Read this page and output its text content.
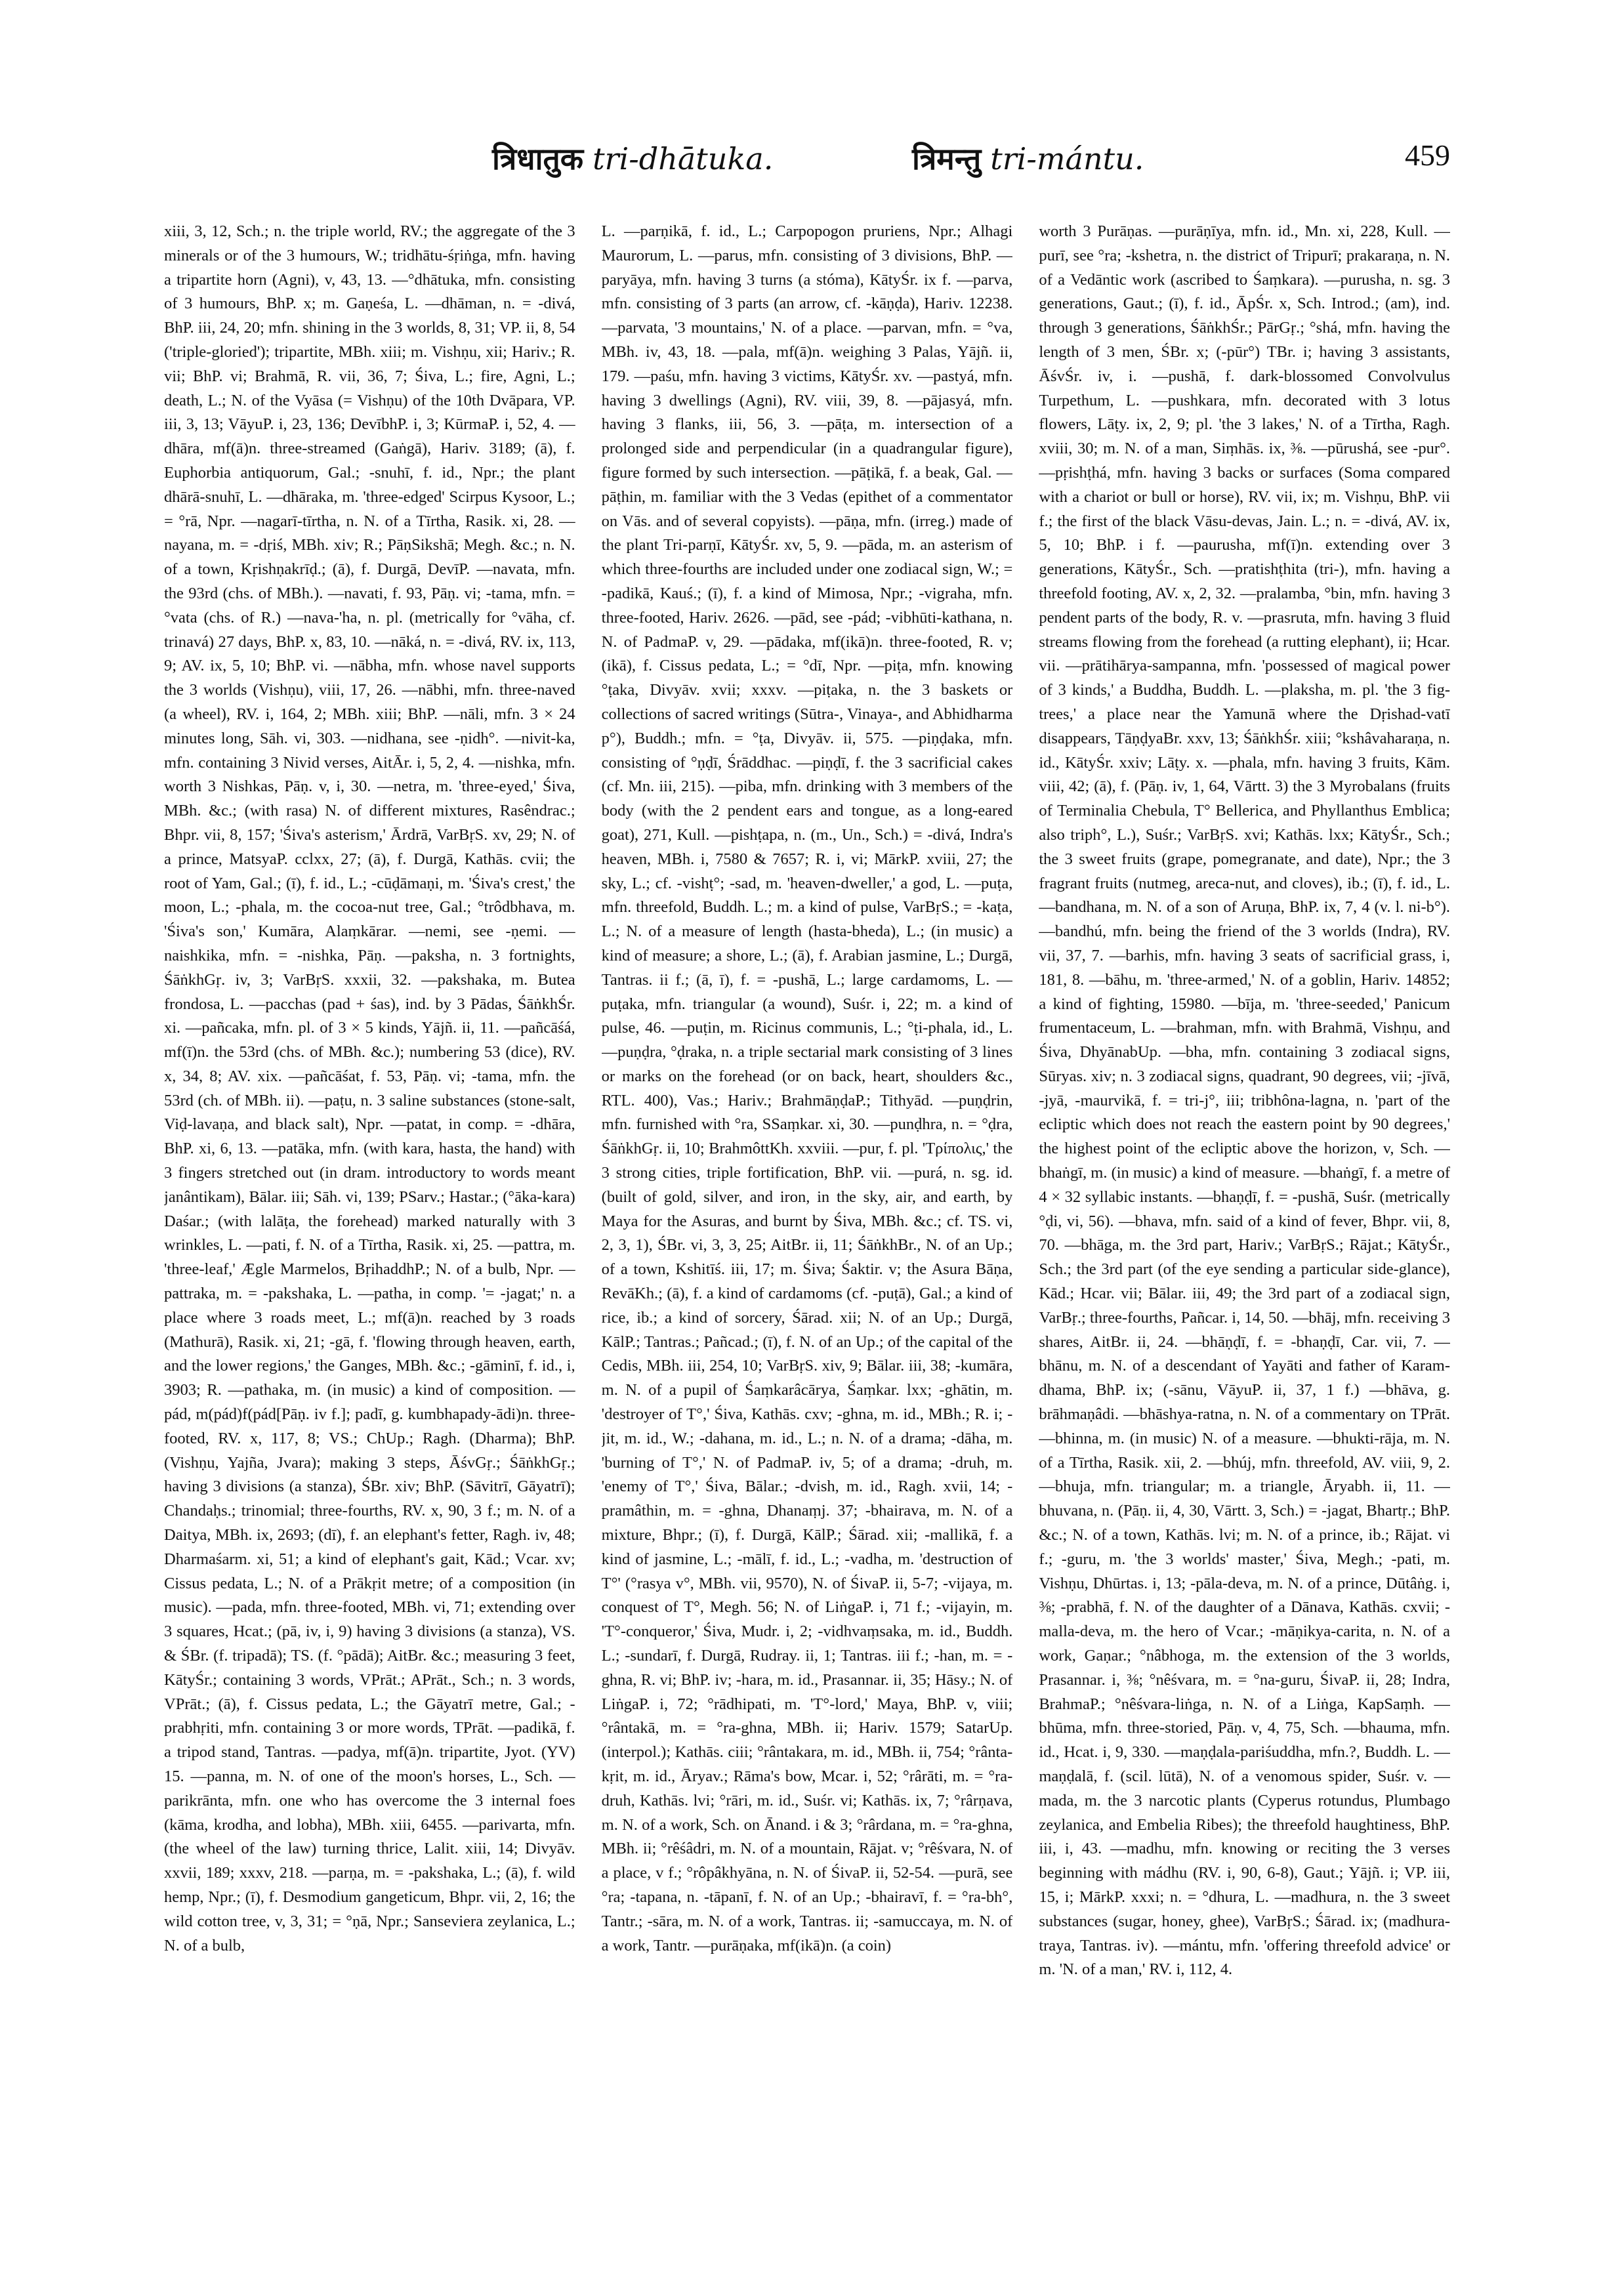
त्रिधातुक tri-dhātuka.	त्रिमन्तु tri-mántu.	459

xiii, 3, 12, Sch.; n. the triple world, RV.; the aggregate of the 3 minerals or of the 3 humours, W.; tridhātu-śṛiṅga, mfn. having a tripartite horn (Agni), v, 43, 13. —°dhātuka, mfn. consisting of 3 humours, BhP. x; m. Gaṇeśa, L. —dhāman, n. = -divá, BhP. iii, 24, 20; mfn. shining in the 3 worlds, 8, 31; VP. ii, 8, 54 ('triple-gloried'); tripartite, MBh. xiii; m. Vishṇu, xii; Hariv.; R. vii; BhP. vi; Brahmā, R. vii, 36, 7; Śiva, L.; fire, Agni, L.; death, L.; N. of the Vyāsa (= Vishṇu) of the 10th Dvāpara, VP. iii, 3, 13; VāyuP. i, 23, 136; DevībhP. i, 3; KūrmaP. i, 52, 4. —dhāra, mf(ā)n. three-streamed (Gaṅgā), Hariv. 3189; (ā), f. Euphorbia antiquorum, Gal.; -snuhī, f. id., Npr.; the plant dhārā-snuhī, L. —dhāraka, m. 'three-edged' Scirpus Kysoor, L.; = °rā, Npr. —nagarī-tīrtha, n. N. of a Tīrtha, Rasik. xi, 28. —nayana, m. = -dṛiś, MBh. xiv; R.; PāṇSikshā; Megh. &c.; n. N. of a town, Kṛishṇakrīḍ.; (ā), f. Durgā, DevīP. —navata, mfn. the 93rd (chs. of MBh.). —navati, f. 93, Pāṇ. vi; -tama, mfn. = °vata (chs. of R.) —nava-'ha, n. pl. (metrically for °vāha, cf. trinavá) 27 days, BhP. x, 83, 10. —nāká, n. = -divá, RV. ix, 113, 9; AV. ix, 5, 10; BhP. vi. —nābha, mfn. whose navel supports the 3 worlds (Vishṇu), viii, 17, 26. —nābhi, mfn. three-naved (a wheel), RV. i, 164, 2; MBh. xiii; BhP. —nāli, mfn. 3 × 24 minutes long, Sāh. vi, 303. —nidhana, see -ṇidh°. —nivit-ka, mfn. containing 3 Nivid verses, AitĀr. i, 5, 2, 4. —nishka, mfn. worth 3 Nishkas, Pāṇ. v, i, 30. —netra, m. 'three-eyed,' Śiva, MBh. &c.; (with rasa) N. of different mixtures, Rasêndrac.; Bhpr. vii, 8, 157; 'Śiva's asterism,' Ārdrā, VarBṛS. xv, 29; N. of a prince, MatsyaP. cclxx, 27; (ā), f. Durgā, Kathās. cvii; the root of Yam, Gal.; (ī), f. id., L.; -cūḍāmaṇi, m. 'Śiva's crest,' the moon, L.; -phala, m. the cocoa-nut tree, Gal.; °trôdbhava, m. 'Śiva's son,' Kumāra, Alaṃkārar. —nemi, see -ṇemi. —naishkika, mfn. = -nishka, Pāṇ. —paksha, n. 3 fortnights, ŚāṅkhGṛ. iv, 3; VarBṛS. xxxii, 32. —pakshaka, m. Butea frondosa, L. —pacchas (pad + śas), ind. by 3 Pādas, ŚāṅkhŚr. xi. —pañcaka, mfn. pl. of 3 × 5 kinds, Yājñ. ii, 11. —pañcāśá, mf(ī)n. the 53rd (chs. of MBh. &c.); numbering 53 (dice), RV. x, 34, 8; AV. xix. —pañcāśat, f. 53, Pāṇ. vi; -tama, mfn. the 53rd (ch. of MBh. ii). —paṭu, n. 3 saline substances (stone-salt, Viḍ-lavaṇa, and black salt), Npr. —patat, in comp. = -dhāra, BhP. xi, 6, 13. —patāka, mfn. (with kara, hasta, the hand) with 3 fingers stretched out (in dram. introductory to words meant janântikam), Bālar. iii; Sāh. vi, 139; PSarv.; Hastar.; (°āka-kara) Daśar.; (with lalāṭa, the forehead) marked naturally with 3 wrinkles, L. —pati, f. N. of a Tīrtha, Rasik. xi, 25. —pattra, m. 'three-leaf,' Ægle Marmelos, BṛihaddhP.; N. of a bulb, Npr. —pattraka, m. = -pakshaka, L. —patha, in comp. '= -jagat;' n. a place where 3 roads meet, L.; mf(ā)n. reached by 3 roads (Mathurā), Rasik. xi, 21; -gā, f. 'flowing through heaven, earth, and the lower regions,' the Ganges, MBh. &c.; -gāminī, f. id., i, 3903; R. —pathaka, m. (in music) a kind of composition. —pád, m(pád)f(pád[Pāṇ. iv f.]; padī, g. kumbhapady-ādi)n. three-footed, RV. x, 117, 8; VS.; ChUp.; Ragh. (Dharma); BhP. (Vishṇu, Yajña, Jvara); making 3 steps, ĀśvGṛ.; ŚāṅkhGṛ.; having 3 divisions (a stanza), ŚBr. xiv; BhP. (Sāvitrī, Gāyatrī); Chandaḥs.; trinomial; three-fourths, RV. x, 90, 3 f.; m. N. of a Daitya, MBh. ix, 2693; (dī), f. an elephant's fetter, Ragh. iv, 48; Dharmaśarm. xi, 51; a kind of elephant's gait, Kād.; Vcar. xv; Cissus pedata, L.; N. of a Prākṛit metre; of a composition (in music). —pada, mfn. three-footed, MBh. vi, 71; extending over 3 squares, Hcat.; (pā, iv, i, 9) having 3 divisions (a stanza), VS. & ŚBr. (f. tripadā); TS. (f. °pādā); AitBr. &c.; measuring 3 feet, KātyŚr.; containing 3 words, VPrāt.; APrāt., Sch.; n. 3 words, VPrāt.; (ā), f. Cissus pedata, L.; the Gāyatrī metre, Gal.; -prabhṛiti, mfn. containing 3 or more words, TPrāt. —padikā, f. a tripod stand, Tantras. —padya, mf(ā)n. tripartite, Jyot. (YV) 15. —panna, m. N. of one of the moon's horses, L., Sch. —parikrānta, mfn. one who has overcome the 3 internal foes (kāma, krodha, and lobha), MBh. xiii, 6455. —parivarta, mfn. (the wheel of the law) turning thrice, Lalit. xiii, 14; Divyāv. xxvii, 189; xxxv, 218. —parṇa, m. = -pakshaka, L.; (ā), f. wild hemp, Npr.; (ī), f. Desmodium gangeticum, Bhpr. vii, 2, 16; the wild cotton tree, v, 3, 31; = °ṇā, Npr.; Sanseviera zeylanica, L.; N. of a bulb,

L. —parṇikā, f. id., L.; Carpopogon pruriens, Npr.; Alhagi Maurorum, L. —parus, mfn. consisting of 3 divisions, BhP. —paryāya, mfn. having 3 turns (a stóma), KātyŚr. ix f. —parva, mfn. consisting of 3 parts (an arrow, cf. -kāṇḍa), Hariv. 12238. —parvata, '3 mountains,' N. of a place. —parvan, mfn. = °va, MBh. iv, 43, 18. —pala, mf(ā)n. weighing 3 Palas, Yājñ. ii, 179. —paśu, mfn. having 3 victims, KātyŚr. xv. —pastyá, mfn. having 3 dwellings (Agni), RV. viii, 39, 8. —pājasyá, mfn. having 3 flanks, iii, 56, 3. —pāṭa, m. intersection of a prolonged side and perpendicular (in a quadrangular figure), figure formed by such intersection. —pāṭikā, f. a beak, Gal. —pāṭhin, m. familiar with the 3 Vedas (epithet of a commentator on Vās. and of several copyists). —pāṇa, mfn. (irreg.) made of the plant Tri-parṇī, KātyŚr. xv, 5, 9. —pāda, m. an asterism of which three-fourths are included under one zodiacal sign, W.; = -padikā, Kauś.; (ī), f. a kind of Mimosa, Npr.; -vigraha, mfn. three-footed, Hariv. 2626. —pād, see -pád; -vibhūti-kathana, n. N. of PadmaP. v, 29. —pādaka, mf(ikā)n. three-footed, R. v; (ikā), f. Cissus pedata, L.; = °dī, Npr. —piṭa, mfn. knowing °ṭaka, Divyāv. xvii; xxxv. —piṭaka, n. the 3 baskets or collections of sacred writings (Sūtra-, Vinaya-, and Abhidharma p°), Buddh.; mfn. = °ṭa, Divyāv. ii, 575. —piṇḍaka, mfn. consisting of °ṇḍī, Śrāddhac. —piṇḍī, f. the 3 sacrificial cakes (cf. Mn. iii, 215). —piba, mfn. drinking with 3 members of the body (with the 2 pendent ears and tongue, as a long-eared goat), 271, Kull. —pishṭapa, n. (m., Un., Sch.) = -divá, Indra's heaven, MBh. i, 7580 & 7657; R. i, vi; MārkP. xviii, 27; the sky, L.; cf. -vishṭ°; -sad, m. 'heaven-dweller,' a god, L. —puṭa, mfn. threefold, Buddh. L.; m. a kind of pulse, VarBṛS.; = -kaṭa, L.; N. of a measure of length (hasta-bheda), L.; (in music) a kind of measure; a shore, L.; (ā), f. Arabian jasmine, L.; Durgā, Tantras. ii f.; (ā, ī), f. = -pushā, L.; large cardamoms, L. —puṭaka, mfn. triangular (a wound), Suśr. i, 22; m. a kind of pulse, 46. —puṭin, m. Ricinus communis, L.; °ṭi-phala, id., L. —puṇḍra, °ḍraka, n. a triple sectarial mark consisting of 3 lines or marks on the forehead (or on back, heart, shoulders &c., RTL. 400), Vas.; Hariv.; BrahmāṇḍaP.; Tithyād. —puṇḍrin, mfn. furnished with °ra, SSaṃkar. xi, 30. —punḍhra, n. = °ḍra, ŚāṅkhGṛ. ii, 10; BrahmôttKh. xxviii. —pur, f. pl. 'Τρίπολις,' the 3 strong cities, triple fortification, BhP. vii. —purá, n. sg. id. (built of gold, silver, and iron, in the sky, air, and earth, by Maya for the Asuras, and burnt by Śiva, MBh. &c.; cf. TS. vi, 2, 3, 1), ŚBr. vi, 3, 3, 25; AitBr. ii, 11; ŚāṅkhBr., N. of an Up.; of a town, Kshitīś. iii, 17; m. Śiva; Śaktir. v; the Asura Bāṇa, RevāKh.; (ā), f. a kind of cardamoms (cf. -puṭā), Gal.; a kind of rice, ib.; a kind of sorcery, Śārad. xii; N. of an Up.; Durgā, KālP.; Tantras.; Pañcad.; (ī), f. N. of an Up.; of the capital of the Cedis, MBh. iii, 254, 10; VarBṛS. xiv, 9; Bālar. iii, 38; -kumāra, m. N. of a pupil of Śaṃkarâcārya, Śaṃkar. lxx; -ghātin, m. 'destroyer of T°,' Śiva, Kathās. cxv; -ghna, m. id., MBh.; R. i; -jit, m. id., W.; -dahana, m. id., L.; n. N. of a drama; -dāha, m. 'burning of T°,' N. of PadmaP. iv, 5; of a drama; -druh, m. 'enemy of T°,' Śiva, Bālar.; -dvish, m. id., Ragh. xvii, 14; -pramâthin, m. = -ghna, Dhanaṃj. 37; -bhairava, m. N. of a mixture, Bhpr.; (ī), f. Durgā, KālP.; Śārad. xii; -mallikā, f. a kind of jasmine, L.; -mālī, f. id., L.; -vadha, m. 'destruction of T°' (°rasya v°, MBh. vii, 9570), N. of ŚivaP. ii, 5-7; -vijaya, m. conquest of T°, Megh. 56; N. of LiṅgaP. i, 71 f.; -vijayin, m. 'T°-conqueror,' Śiva, Mudr. i, 2; -vidhvaṃsaka, m. id., Buddh. L.; -sundarī, f. Durgā, Rudray. ii, 1; Tantras. iii f.; -han, m. = -ghna, R. vi; BhP. iv; -hara, m. id., Prasannar. ii, 35; Hāsy.; N. of LiṅgaP. i, 72; °rādhipati, m. 'T°-lord,' Maya, BhP. v, viii; °rântakā, m. = °ra-ghna, MBh. ii; Hariv. 1579; SatarUp. (interpol.); Kathās. ciii; °rântakara, m. id., MBh. ii, 754; °rânta-kṛit, m. id., Āryav.; Rāma's bow, Mcar. i, 52; °rârāti, m. = °ra-druh, Kathās. lvi; °rāri, m. id., Suśr. vi; Kathās. ix, 7; °rârṇava, m. N. of a work, Sch. on Ānand. i & 3; °rârdana, m. = °ra-ghna, MBh. ii; °rêśâdri, m. N. of a mountain, Rājat. v; °rêśvara, N. of a place, v f.; °rôpâkhyāna, n. N. of ŚivaP. ii, 52-54. —purā, see °ra; -tapana, n. -tāpanī, f. N. of an Up.; -bhairavī, f. = °ra-bh°, Tantr.; -sāra, m. N. of a work, Tantras. ii; -samuccaya, m. N. of a work, Tantr. —purāṇaka, mf(ikā)n. (a coin)

worth 3 Purāṇas. —purāṇīya, mfn. id., Mn. xi, 228, Kull. —purī, see °ra; -kshetra, n. the district of Tripurī; prakaraṇa, n. N. of a Vedāntic work (ascribed to Śaṃkara). —purusha, n. sg. 3 generations, Gaut.; (ī), f. id., ĀpŚr. x, Sch. Introd.; (am), ind. through 3 generations, ŚāṅkhŚr.; PārGṛ.; °shá, mfn. having the length of 3 men, ŚBr. x; (-pūr°) TBr. i; having 3 assistants, ĀśvŚr. iv, i. —pushā, f. dark-blossomed Convolvulus Turpethum, L. —pushkara, mfn. decorated with 3 lotus flowers, Lāṭy. ix, 2, 9; pl. 'the 3 lakes,' N. of a Tīrtha, Ragh. xviii, 30; m. N. of a man, Siṃhās. ix, ⅜. —pūrushá, see -pur°. —pṛishṭhá, mfn. having 3 backs or surfaces (Soma compared with a chariot or bull or horse), RV. vii, ix; m. Vishṇu, BhP. vii f.; the first of the black Vāsu-devas, Jain. L.; n. = -divá, AV. ix, 5, 10; BhP. i f. —paurusha, mf(ī)n. extending over 3 generations, KātyŚr., Sch. —pratishṭhita (tri-), mfn. having a threefold footing, AV. x, 2, 32. —pralamba, °bin, mfn. having 3 pendent parts of the body, R. v. —prasruta, mfn. having 3 fluid streams flowing from the forehead (a rutting elephant), ii; Hcar. vii. —prātihārya-sampanna, mfn. 'possessed of magical power of 3 kinds,' a Buddha, Buddh. L. —plaksha, m. pl. 'the 3 fig-trees,' a place near the Yamunā where the Dṛishad-vatī disappears, TāṇḍyaBr. xxv, 13; ŚāṅkhŚr. xiii; °kshâvaharaṇa, n. id., KātyŚr. xxiv; Lāṭy. x. —phala, mfn. having 3 fruits, Kām. viii, 42; (ā), f. (Pāṇ. iv, 1, 64, Vārtt. 3) the 3 Myrobalans (fruits of Terminalia Chebula, T° Bellerica, and Phyllanthus Emblica; also triph°, L.), Suśr.; VarBṛS. xvi; Kathās. lxx; KātyŚr., Sch.; the 3 sweet fruits (grape, pomegranate, and date), Npr.; the 3 fragrant fruits (nutmeg, areca-nut, and cloves), ib.; (ī), f. id., L. —bandhana, m. N. of a son of Aruṇa, BhP. ix, 7, 4 (v. l. ni-b°). —bandhú, mfn. being the friend of the 3 worlds (Indra), RV. vii, 37, 7. —barhis, mfn. having 3 seats of sacrificial grass, i, 181, 8. —bāhu, m. 'three-armed,' N. of a goblin, Hariv. 14852; a kind of fighting, 15980. —bīja, m. 'three-seeded,' Panicum frumentaceum, L. —brahman, mfn. with Brahmā, Vishṇu, and Śiva, DhyānabUp. —bha, mfn. containing 3 zodiacal signs, Sūryas. xiv; n. 3 zodiacal signs, quadrant, 90 degrees, vii; -jīvā, -jyā, -maurvikā, f. = tri-j°, iii; tribhôna-lagna, n. 'part of the ecliptic which does not reach the eastern point by 90 degrees,' the highest point of the ecliptic above the horizon, v, Sch. —bhaṅgī, m. (in music) a kind of measure. —bhaṅgī, f. a metre of 4 × 32 syllabic instants. —bhaṇḍī, f. = -pushā, Suśr. (metrically °ḍi, vi, 56). —bhava, mfn. said of a kind of fever, Bhpr. vii, 8, 70. —bhāga, m. the 3rd part, Hariv.; VarBṛS.; Rājat.; KātyŚr., Sch.; the 3rd part (of the eye sending a particular side-glance), Kād.; Hcar. vii; Bālar. iii, 49; the 3rd part of a zodiacal sign, VarBṛ.; three-fourths, Pañcar. i, 14, 50. —bhāj, mfn. receiving 3 shares, AitBr. ii, 24. —bhāṇḍī, f. = -bhaṇḍī, Car. vii, 7. —bhānu, m. N. of a descendant of Yayāti and father of Karam-dhama, BhP. ix; (-sānu, VāyuP. ii, 37, 1 f.) —bhāva, g. brāhmaṇâdi. —bhāshya-ratna, n. N. of a commentary on TPrāt. —bhinna, m. (in music) N. of a measure. —bhukti-rāja, m. N. of a Tīrtha, Rasik. xii, 2. —bhúj, mfn. threefold, AV. viii, 9, 2. —bhuja, mfn. triangular; m. a triangle, Āryabh. ii, 11. —bhuvana, n. (Pāṇ. ii, 4, 30, Vārtt. 3, Sch.) = -jagat, Bhartṛ.; BhP. &c.; N. of a town, Kathās. lvi; m. N. of a prince, ib.; Rājat. vi f.; -guru, m. 'the 3 worlds' master,' Śiva, Megh.; -pati, m. Vishṇu, Dhūrtas. i, 13; -pāla-deva, m. N. of a prince, Dūtâṅg. i, ⅜; -prabhā, f. N. of the daughter of a Dānava, Kathās. cxvii; -malla-deva, m. the hero of Vcar.; -māṇikya-carita, n. N. of a work, Gaṇar.; °nâbhoga, m. the extension of the 3 worlds, Prasannar. i, ⅜; °nêśvara, m. = °na-guru, ŚivaP. ii, 28; Indra, BrahmaP.; °nêśvara-liṅga, n. N. of a Liṅga, KapSaṃh. —bhūma, mfn. three-storied, Pāṇ. v, 4, 75, Sch. —bhauma, mfn. id., Hcat. i, 9, 330. —maṇḍala-pariśuddha, mfn.?, Buddh. L. —maṇḍalā, f. (scil. lūtā), N. of a venomous spider, Suśr. v. —mada, m. the 3 narcotic plants (Cyperus rotundus, Plumbago zeylanica, and Embelia Ribes); the threefold haughtiness, BhP. iii, i, 43. —madhu, mfn. knowing or reciting the 3 verses beginning with mádhu (RV. i, 90, 6-8), Gaut.; Yājñ. i; VP. iii, 15, i; MārkP. xxxi; n. = °dhura, L. —madhura, n. the 3 sweet substances (sugar, honey, ghee), VarBṛS.; Śārad. ix; (madhura-traya, Tantras. iv). —mántu, mfn. 'offering threefold advice' or m. 'N. of a man,' RV. i, 112, 4.
